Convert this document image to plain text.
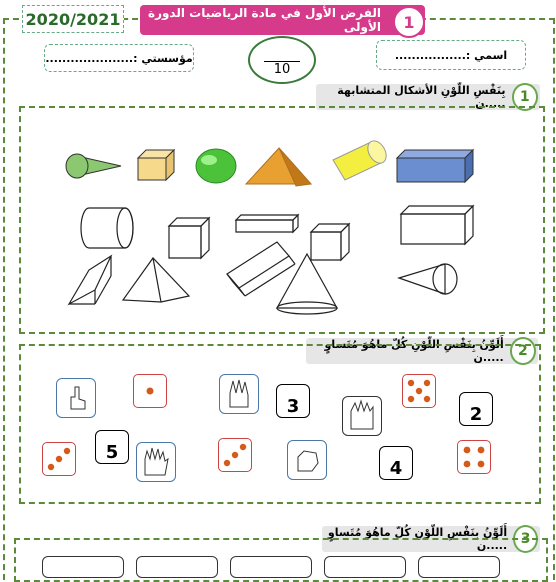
2020/2021	الفرض الأول في مادة الرياضيات الدورة الأولى	1
اسمي :.................
مؤسستي :.....................
10
بِنَفْسِ اللّوْنِ الأشكال المتشابهة .....ن	1
أَلَوِّنُ بِنَفْسِ اللّوْنِ كُلّ ماهُوَ مُتَساوٍ .....ن	2
3	2
5
4
أَلَوِّنُ بِنَفْسِ اللّوْنِ كُلّ ماهُوَ مُتَساوٍ .....ن 3
